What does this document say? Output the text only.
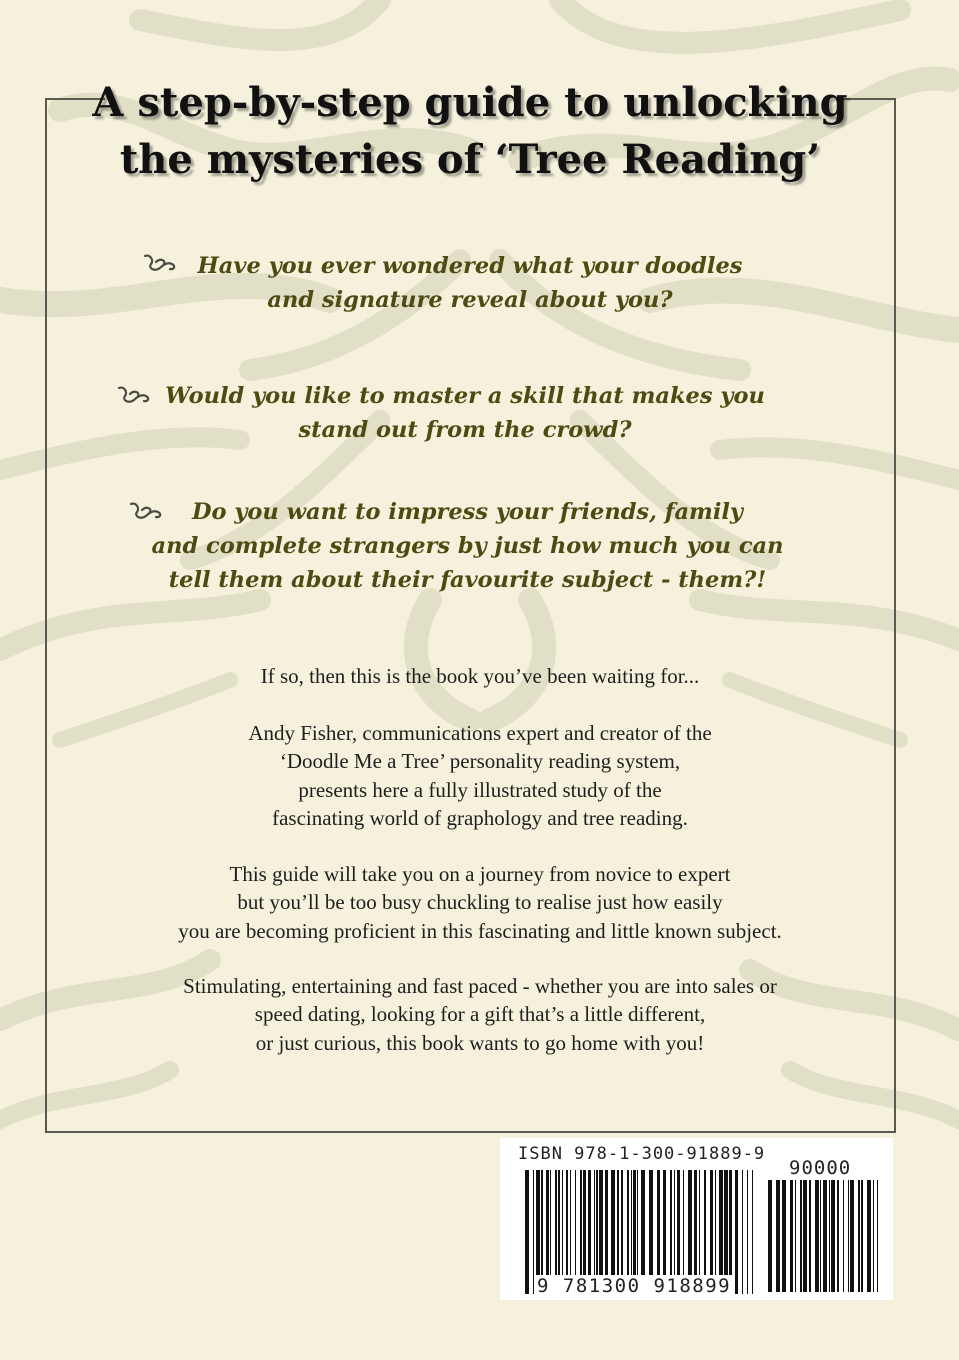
A step-by-step guide to unlocking
the mysteries of ‘Tree Reading’

Have you ever wondered what your doodles
and signature reveal about you?

Would you like to master a skill that makes you
stand out from the crowd?

Do you want to impress your friends, family
and complete strangers by just how much you can
tell them about their favourite subject - them?!

If so, then this is the book you’ve been waiting for...

Andy Fisher, communications expert and creator of the
‘Doodle Me a Tree’ personality reading system,
presents here a fully illustrated study of the
fascinating world of graphology and tree reading.

This guide will take you on a journey from novice to expert
but you’ll be too busy chuckling to realise just how easily
you are becoming proficient in this fascinating and little known subject.

Stimulating, entertaining and fast paced - whether you are into sales or
speed dating, looking for a gift that’s a little different,
or just curious, this book wants to go home with you!

ISBN 978-1-300-91889-9
90000
9 781300 918899
